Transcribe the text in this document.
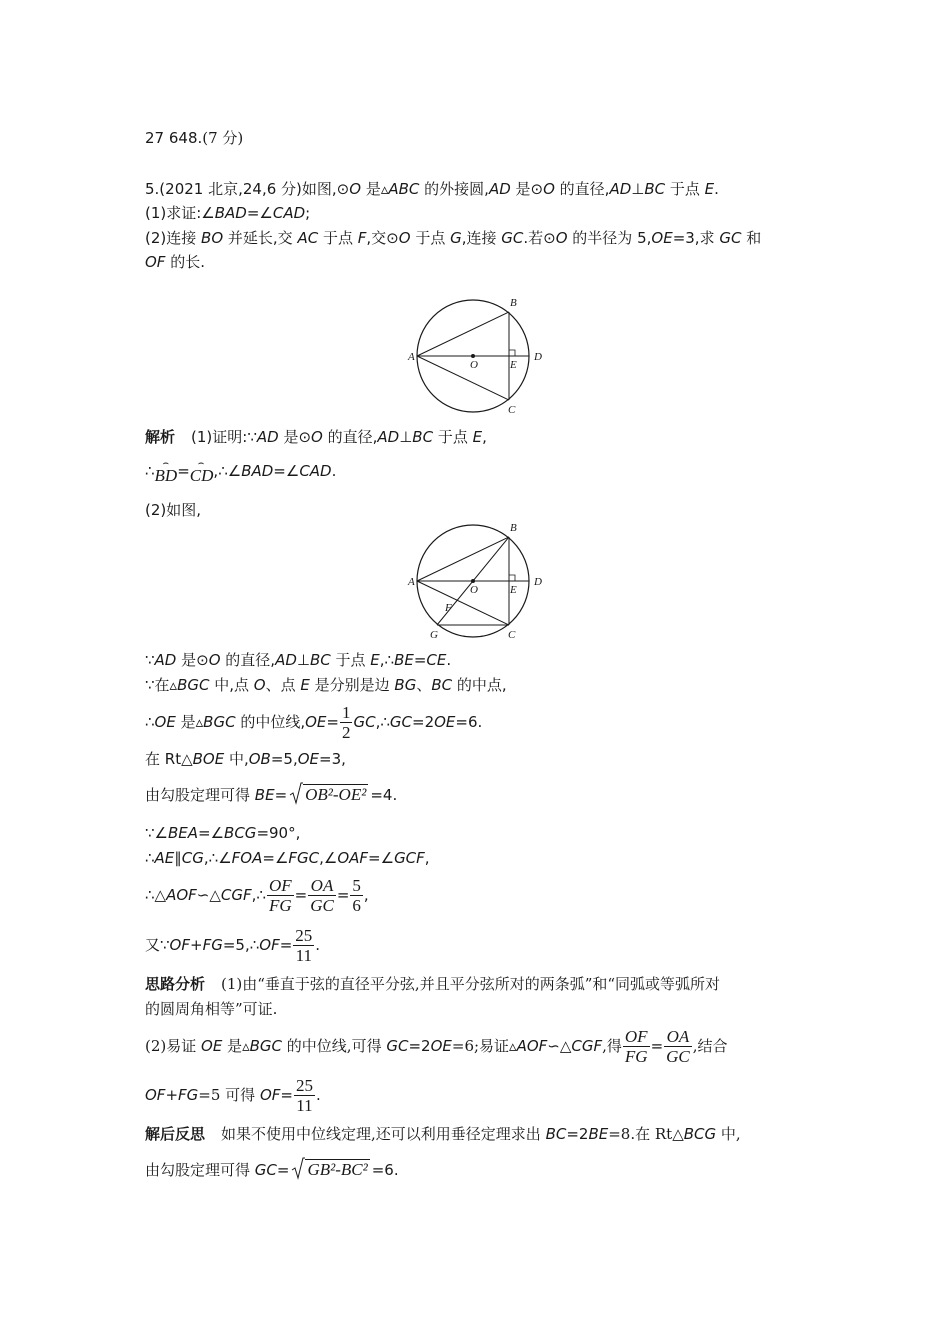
27 648.(7 分)
5.(2021 北京,24,6 分)如图,⊙O 是▵ABC 的外接圆,AD 是⊙O 的直径,AD⊥BC 于点 E.
(1)求证:∠BAD=∠CAD;
(2)连接 BO 并延长,交 AC 于点 F,交⊙O 于点 G,连接 GC.若⊙O 的半径为 5,OE=3,求 GC 和
OF 的长.
A
B
O	E
D
C
解析 (1)证明:∵AD 是⊙O 的直径,AD⊥BC 于点 E,
∴ ⌢
BD= ⌢
CD,∴∠BAD=∠CAD.
(2)如图,
A
B
O	E
D
F
G	C
∵AD 是⊙O 的直径,AD⊥BC 于点 E,∴BE=CE.
∵在▵BGC 中,点 O、点 E 是分别是边 BG、BC 的中点,
∴OE 是▵BGC 的中位线$,OE= \frac{1}{2}$ GC,∴GC=2OE=6.
在 Rt△BOE 中,OB=5,OE=3,
由勾股定理可得 BE= OB²-OE² =4.
∵∠BEA=∠BCG=90°,
∴AE∥CG,∴∠FOA=∠FGC,∠OAF=∠GCF,
∴△AOF∽△CGF,∴ $\frac{OF}{FG} = \frac{OA}{GC} = \frac{5}{6}$ ,
又∵OF+FG=5,∴OF= $\frac{25}{11}$ .
思路分析 (1)由“垂直于弦的直径平分弦,并且平分弦所对的两条弧”和“同弧或等弧所对
的圆周角相等”可证.
(2)易证 OE 是▵BGC 的中位线,可得 GC=2OE=6;易证▵AOF∽△CGF,得 $\frac{OF}{FG} = \frac{OA}{GC}$ ,结合
OF+FG=5 可得 $OF= \frac{25}{11}$ .
解后反思 如果不使用中位线定理,还可以利用垂径定理求出 BC=2BE=8.在 Rt△BCG 中,
由勾股定理可得 GC= GB²-BC² =6.
